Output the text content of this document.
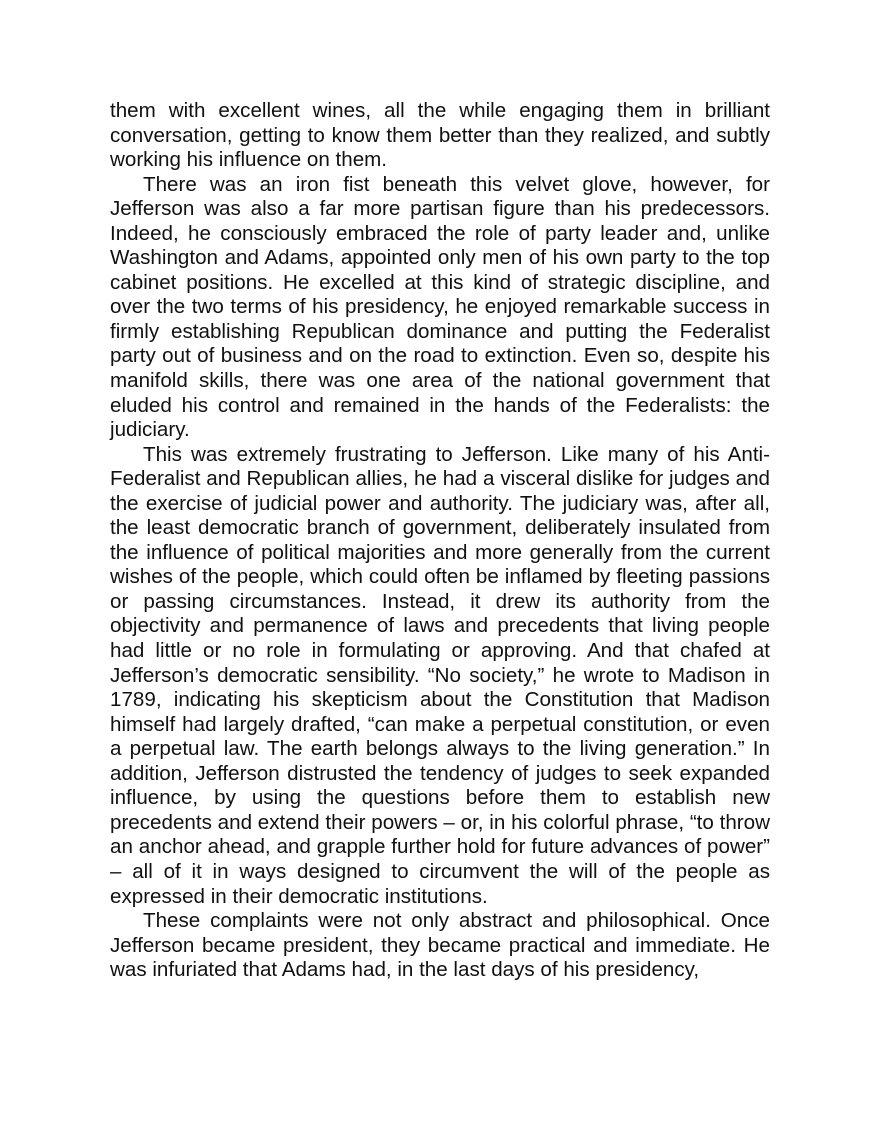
them with excellent wines, all the while engaging them in brilliant conversation, getting to know them better than they realized, and subtly working his influence on them.

There was an iron fist beneath this velvet glove, however, for Jefferson was also a far more partisan figure than his predecessors. Indeed, he consciously embraced the role of party leader and, unlike Washington and Adams, appointed only men of his own party to the top cabinet positions. He excelled at this kind of strategic discipline, and over the two terms of his presidency, he enjoyed remarkable success in firmly establishing Republican dominance and putting the Federalist party out of business and on the road to extinction. Even so, despite his manifold skills, there was one area of the national government that eluded his control and remained in the hands of the Federalists: the judiciary.

This was extremely frustrating to Jefferson. Like many of his Anti-Federalist and Republican allies, he had a visceral dislike for judges and the exercise of judicial power and authority. The judiciary was, after all, the least democratic branch of government, deliberately insulated from the influence of political majorities and more generally from the current wishes of the people, which could often be inflamed by fleeting passions or passing circumstances. Instead, it drew its authority from the objectivity and permanence of laws and precedents that living people had little or no role in formulating or approving. And that chafed at Jefferson’s democratic sensibility. “No society,” he wrote to Madison in 1789, indicating his skepticism about the Constitution that Madison himself had largely drafted, “can make a perpetual constitution, or even a perpetual law. The earth belongs always to the living generation.” In addition, Jefferson distrusted the tendency of judges to seek expanded influence, by using the questions before them to establish new precedents and extend their powers – or, in his colorful phrase, “to throw an anchor ahead, and grapple further hold for future advances of power” – all of it in ways designed to circumvent the will of the people as expressed in their democratic institutions.

These complaints were not only abstract and philosophical. Once Jefferson became president, they became practical and immediate. He was infuriated that Adams had, in the last days of his presidency,
